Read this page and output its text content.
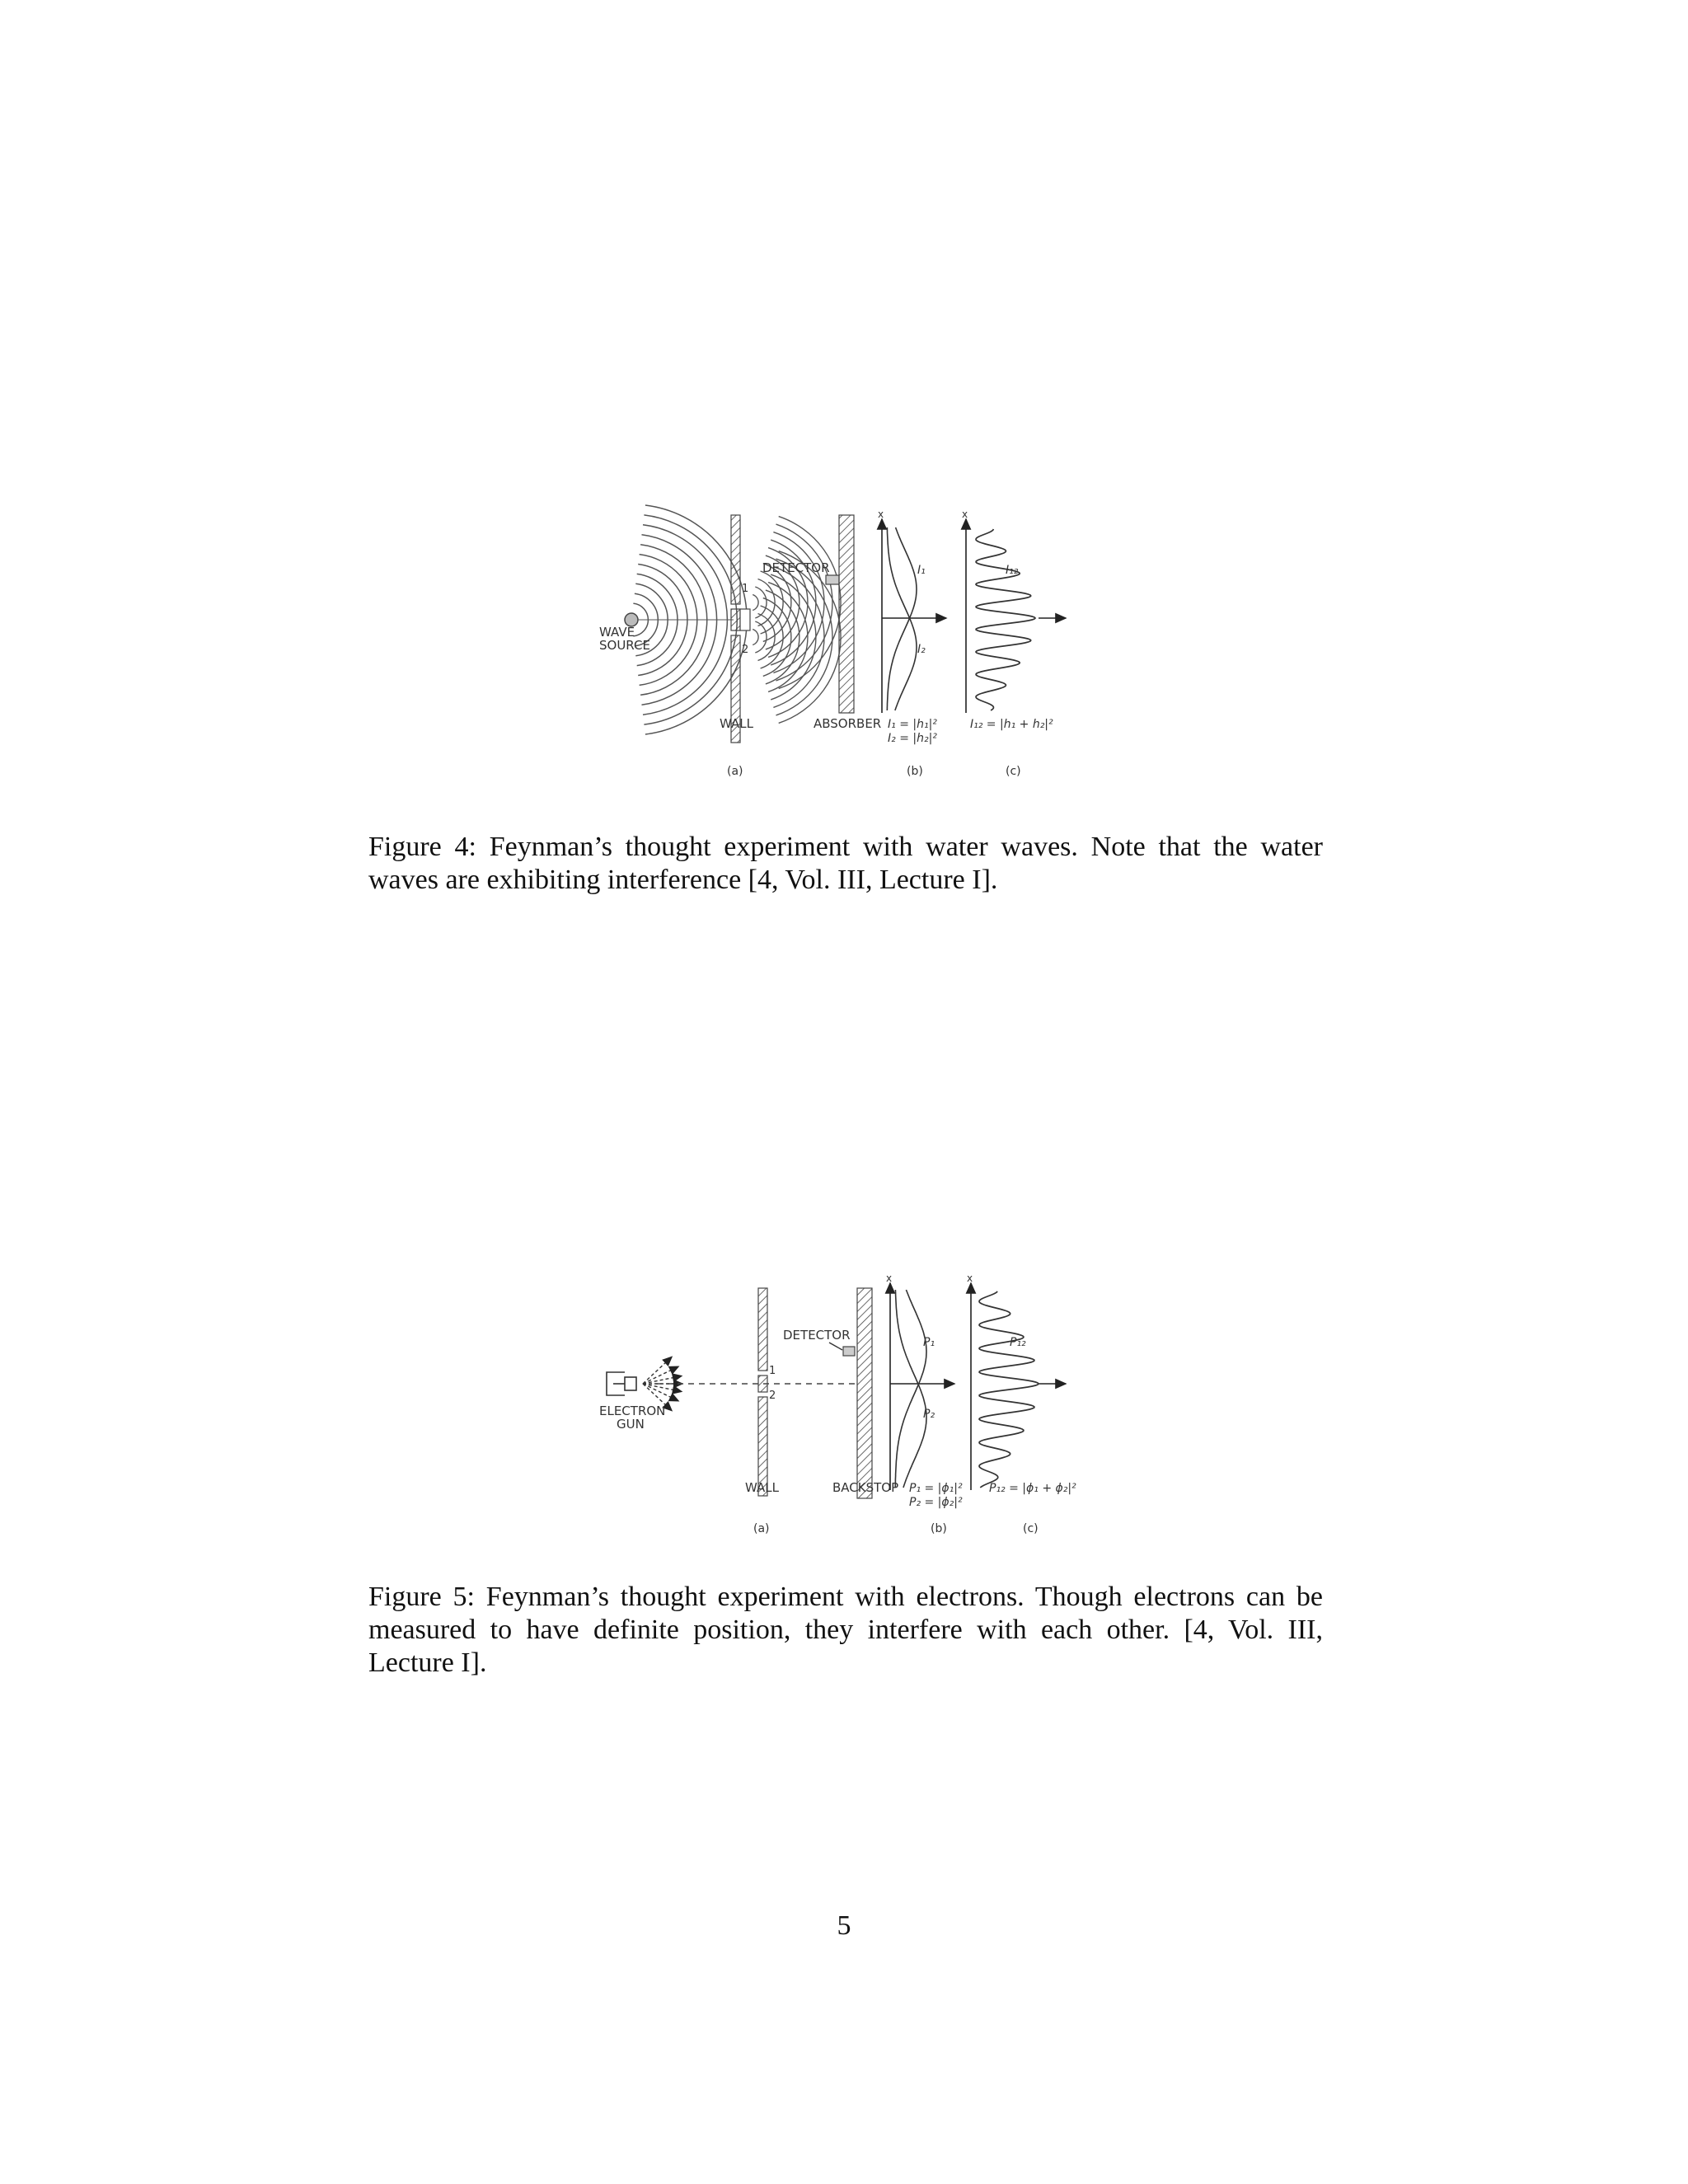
WAVE
SOURCE
1
2
WALL
DETECTOR
ABSORBER
x
I₁
I₂
I₁ = |h₁|²
I₂ = |h₂|²
x
I₁₂
I₁₂ = |h₁ + h₂|²
(a)	(b)	(c)
Figure 4: Feynman’s thought experiment with water waves. Note that the water waves are exhibiting interference [4, Vol. III, Lecture I].
ELECTRON
GUN
1
2
WALL
DETECTOR
BACKSTOP
x
P₁
P₂
P₁ = |ϕ₁|²
P₂ = |ϕ₂|²
x
P₁₂
P₁₂ = |ϕ₁ + ϕ₂|²
(a)	(b)	(c)
Figure 5: Feynman’s thought experiment with electrons. Though electrons can be measured to have definite position, they interfere with each other. [4, Vol. III, Lecture I].
5
